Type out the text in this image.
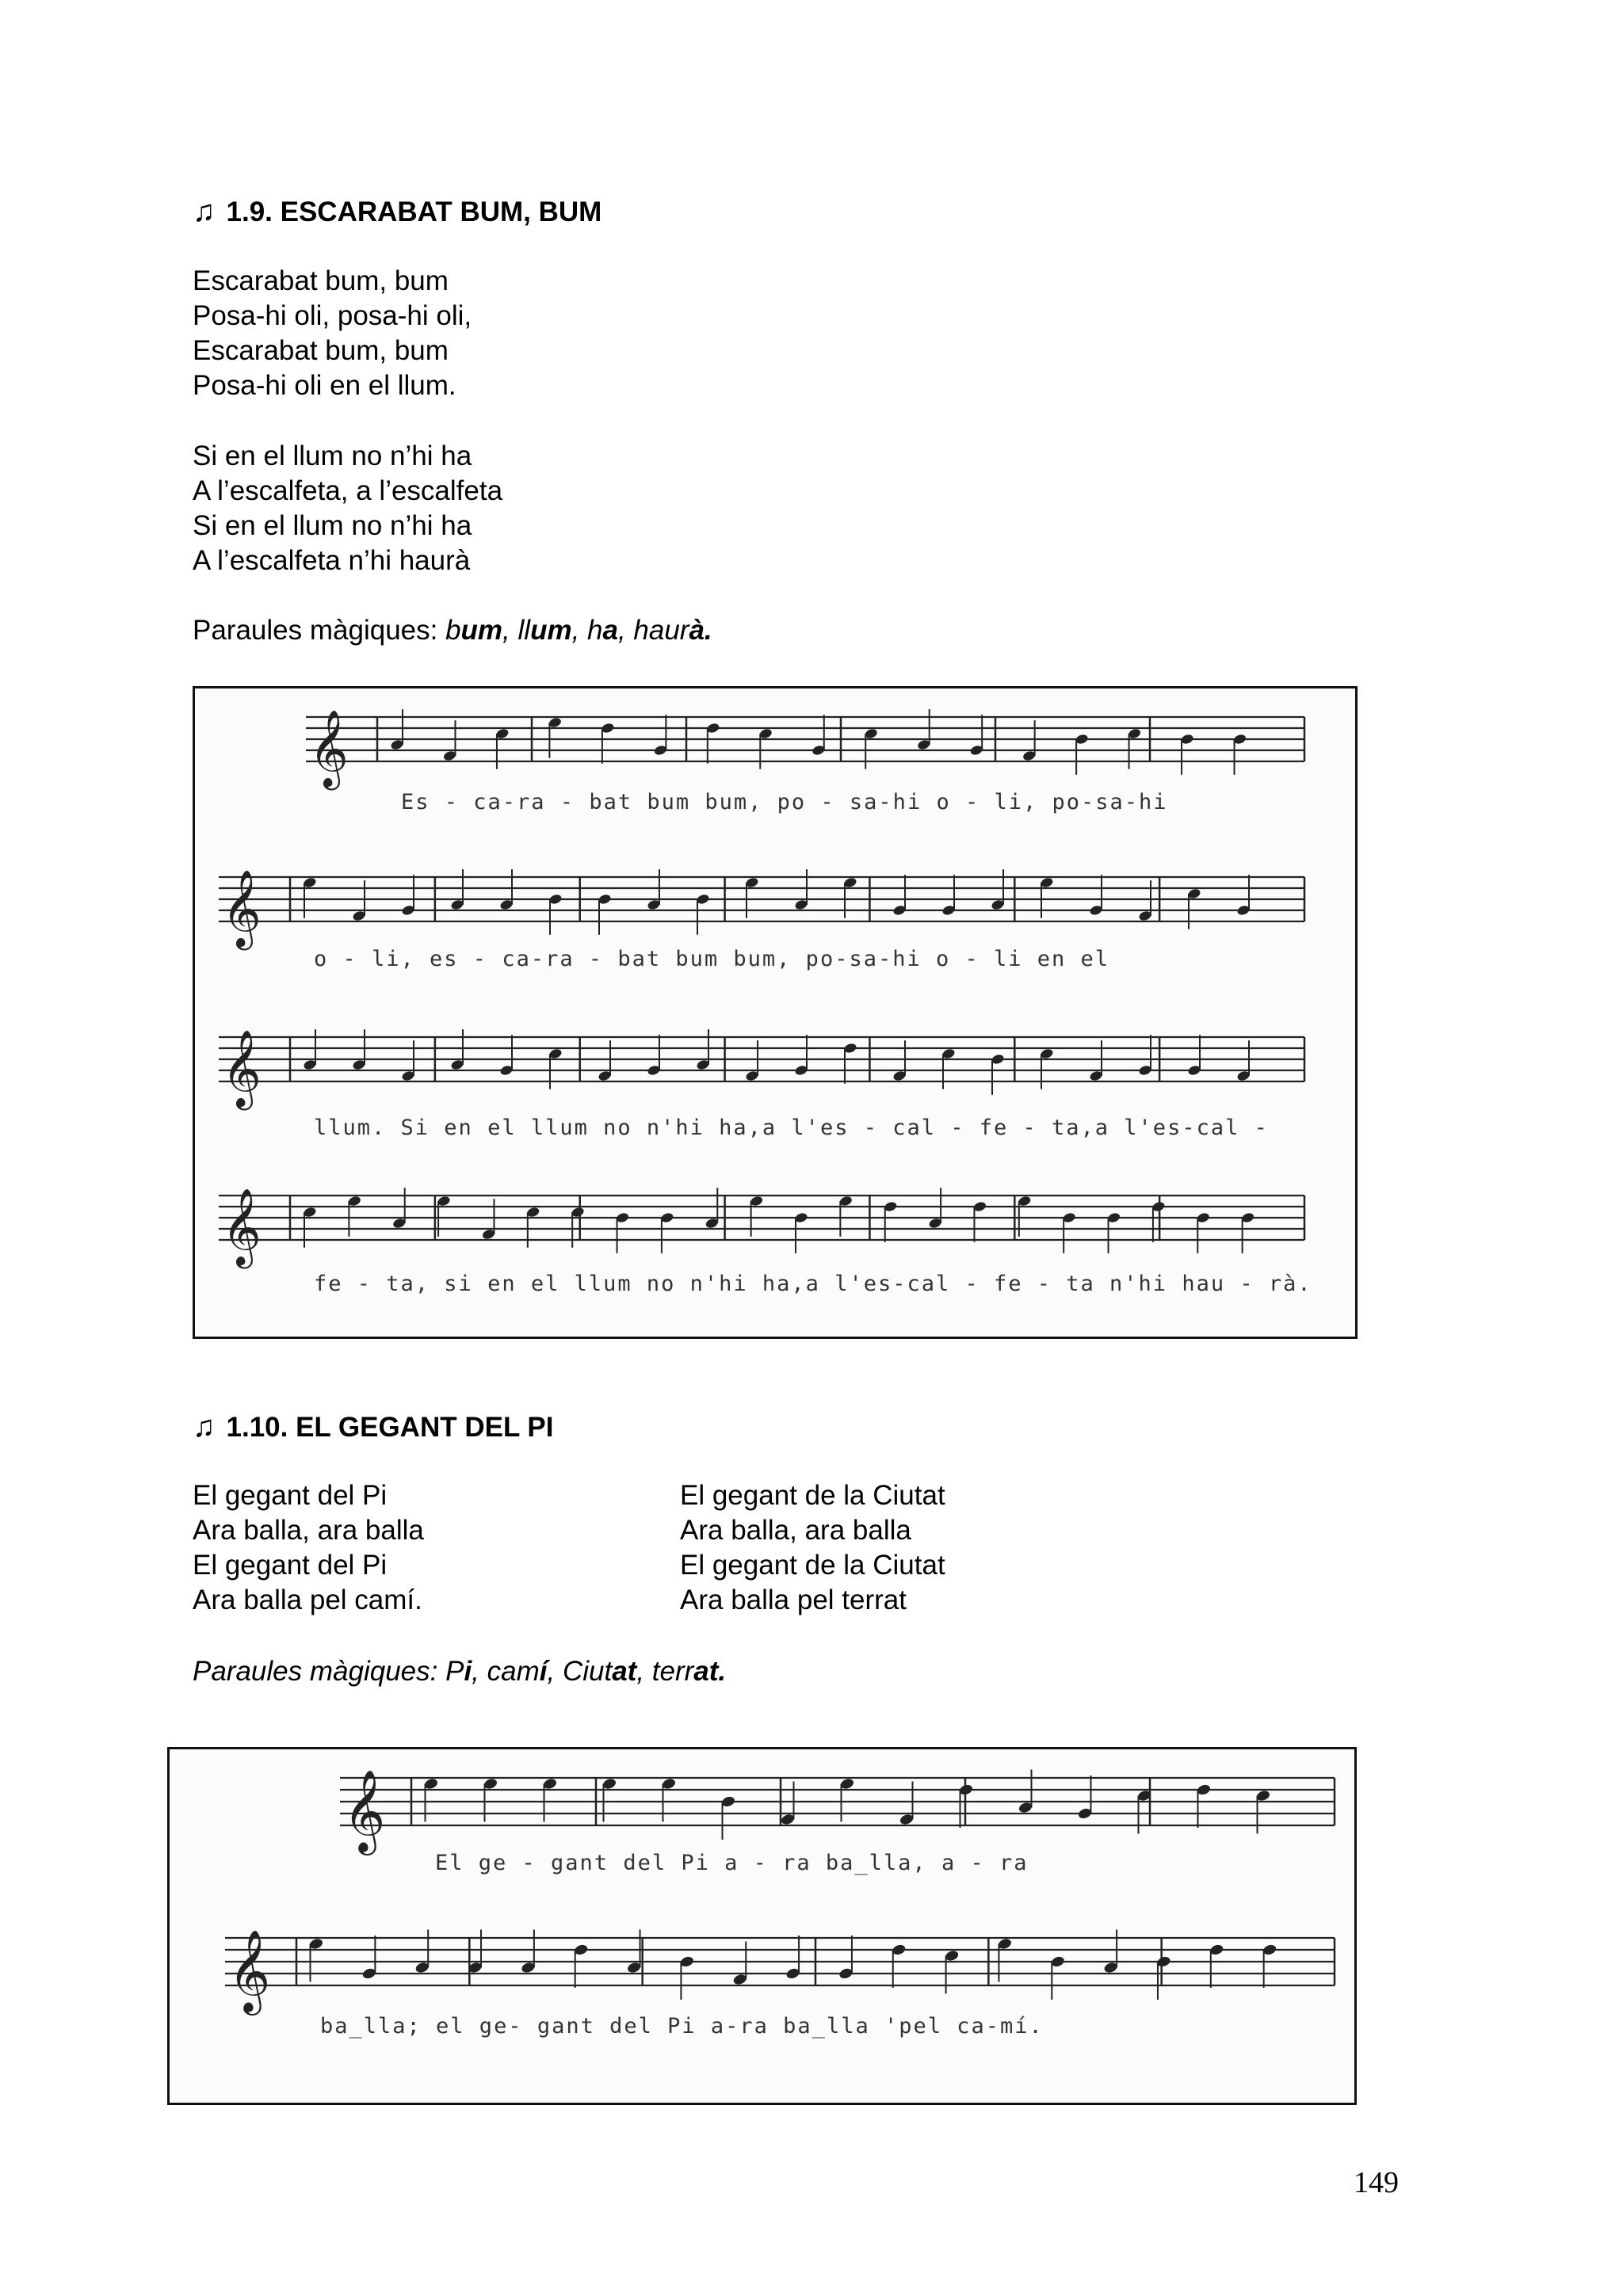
♫ 1.9. ESCARABAT BUM, BUM
Escarabat bum, bum
Posa-hi oli, posa-hi oli,
Escarabat bum, bum
Posa-hi oli en el llum.
Si en el llum no n’hi ha
A l’escalfeta, a l’escalfeta
Si en el llum no n’hi ha
A l’escalfeta n’hi haurà
Paraules màgiques: bum, llum, ha, haurà.
𝄞
Es - ca-ra - bat bum bum, po - sa-hi o - li, po-sa-hi
𝄞
o - li, es - ca-ra - bat bum bum, po-sa-hi o - li en el
𝄞
llum. Si en el llum no n'hi ha,a l'es - cal - fe - ta,a l'es-cal -
𝄞
fe - ta, si en el llum no n'hi ha,a l'es-cal - fe - ta n'hi hau - rà.
♫ 1.10. EL GEGANT DEL PI
El gegant del Pi
Ara balla, ara balla
El gegant del Pi
Ara balla pel camí.
El gegant de la Ciutat
Ara balla, ara balla
El gegant de la Ciutat
Ara balla pel terrat
Paraules màgiques: Pi, camí, Ciutat, terrat.
𝄞
El ge - gant del Pi a - ra ba_lla, a - ra
𝄞
ba_lla; el ge- gant del Pi a-ra ba_lla 'pel ca-mí.
149
